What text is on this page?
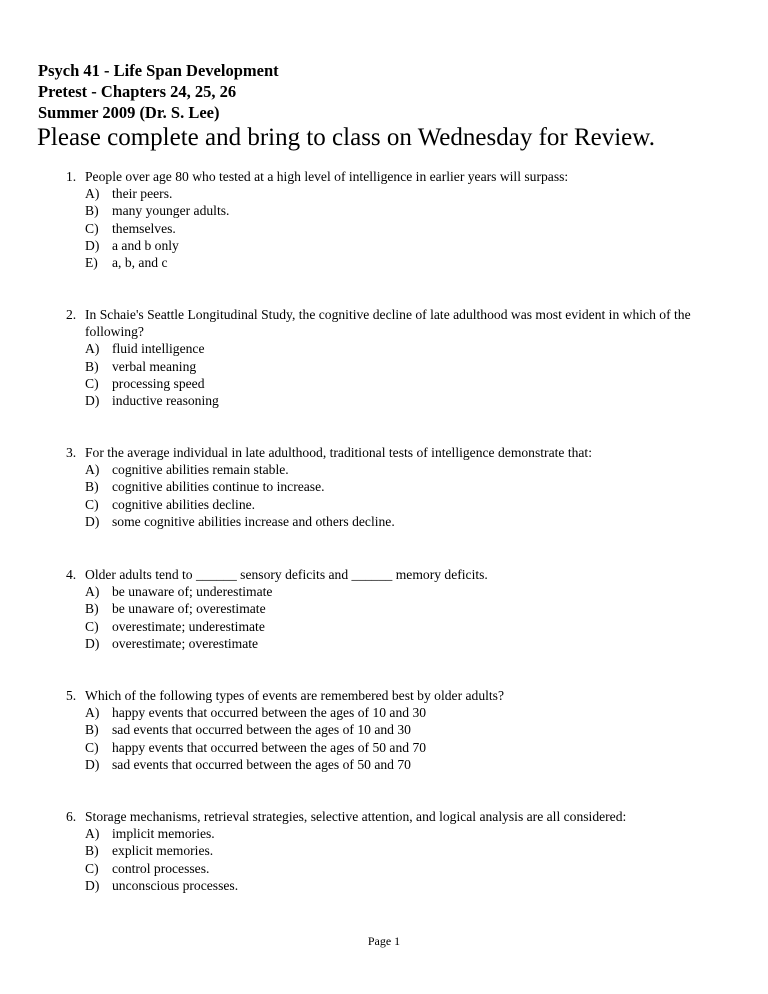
Psych 41 - Life Span Development
Pretest - Chapters 24, 25, 26
Summer 2009 (Dr. S. Lee)
Please complete and bring to class on Wednesday for Review.
1. People over age 80 who tested at a high level of intelligence in earlier years will surpass:
A) their peers.
B) many younger adults.
C) themselves.
D) a and b only
E)	a, b, and c
2. In Schaie's Seattle Longitudinal Study, the cognitive decline of late adulthood was most evident in which of the following?
A) fluid intelligence
B) verbal meaning
C) processing speed
D) inductive reasoning
3. For the average individual in late adulthood, traditional tests of intelligence demonstrate that:
A) cognitive abilities remain stable.
B) cognitive abilities continue to increase.
C) cognitive abilities decline.
D) some cognitive abilities increase and others decline.
4. Older adults tend to ______ sensory deficits and ______ memory deficits.
A) be unaware of; underestimate
B) be unaware of; overestimate
C) overestimate; underestimate
D) overestimate; overestimate
5. Which of the following types of events are remembered best by older adults?
A) happy events that occurred between the ages of 10 and 30
B) sad events that occurred between the ages of 10 and 30
C) happy events that occurred between the ages of 50 and 70
D) sad events that occurred between the ages of 50 and 70
6. Storage mechanisms, retrieval strategies, selective attention, and logical analysis are all considered:
A) implicit memories.
B) explicit memories.
C) control processes.
D) unconscious processes.
Page 1
